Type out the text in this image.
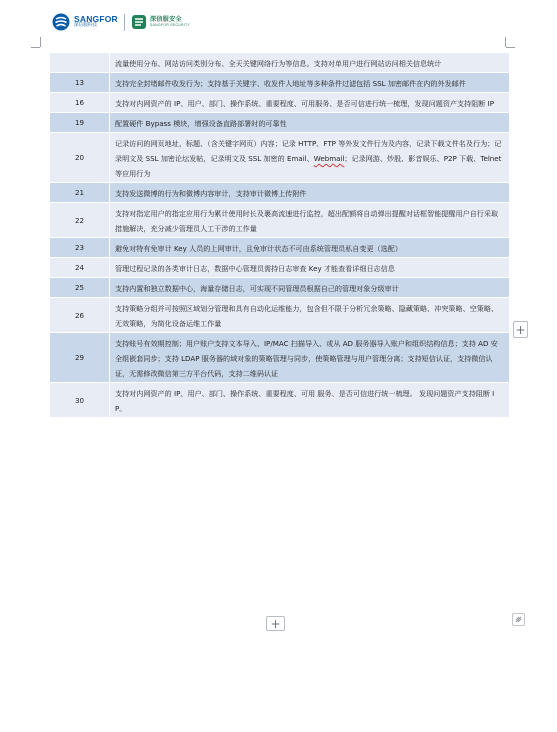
SANGFOR
深信服科技
深信服安全
SANGFOR SECURITY
	流量使用分布、网站访问类别分布、全天关键网络行为等信息。支持对单用户进行网站访问相关信息统计
13	支持完全封堵邮件收发行为；支持基于关键字、收发件人地址等多种条件过滤包括 SSL 加密邮件在内的外发邮件
16	支持对内网资产的 IP、用户、部门、操作系统、重要程度、可用服务、是否可信进行统一梳理，发现问题资产支持阻断 IP
19	配置硬件 Bypass 模块，增强设备直路部署时的可靠性
20	记录访问的网页地址、标题、（含关键字网页）内容；记录 HTTP、FTP 等外发文件行为及内容，记录下载文件名及行为；记录明文及 SSL 加密论坛发帖，记录明文及 SSL 加密的 Email、Webmail；记录网游、炒股、影音娱乐、P2P 下载、Telnet 等应用行为
21	支持发送微博的行为和微博内容审计，支持审计微博上传附件
22	支持对指定用户的指定应用行为累计使用时长及裹高流速进行监控，超出配额将自动弹出提醒对话框智能提醒用户自行采取措施解决，充分减少管理员人工干涉的工作量
23	避免对特有免审计 Key 人员的上网审计，且免审计状态不可由系统管理员私自变更（选配）
24	管理过程记录的各类审计日志，数据中心管理员需持日志审查 Key 才能查看详细日志信息
25	支持内置和独立数据中心，海量存储日志，可实现不同管理员根据自己的管理对象分级审计
26	支持策略分组并可按照区域划分管理和具有自动化运维能力，包含但不限于分析冗余策略、隐藏策略、冲突策略、空策略、无效策略，为简化设备运维工作量
29	支持账号有效期控制；用户账户支持文本导入、IP/MAC 扫描导入、或从 AD 服务器导入账户和组织结构信息；支持 AD 安全组嵌套同步；支持 LDAP 服务器的域对象的策略管理与同步，使策略管理与用户管理分离；支持短信认证，支持微信认证，无需修改微信第三方平台代码，支持二维码认证
30	支持对内网资产的 IP、用户、部门、操作系统、重要程度、可用 服务、是否可信进行统一梳理。 发现问题资产支持阻断 IP。
+
+
